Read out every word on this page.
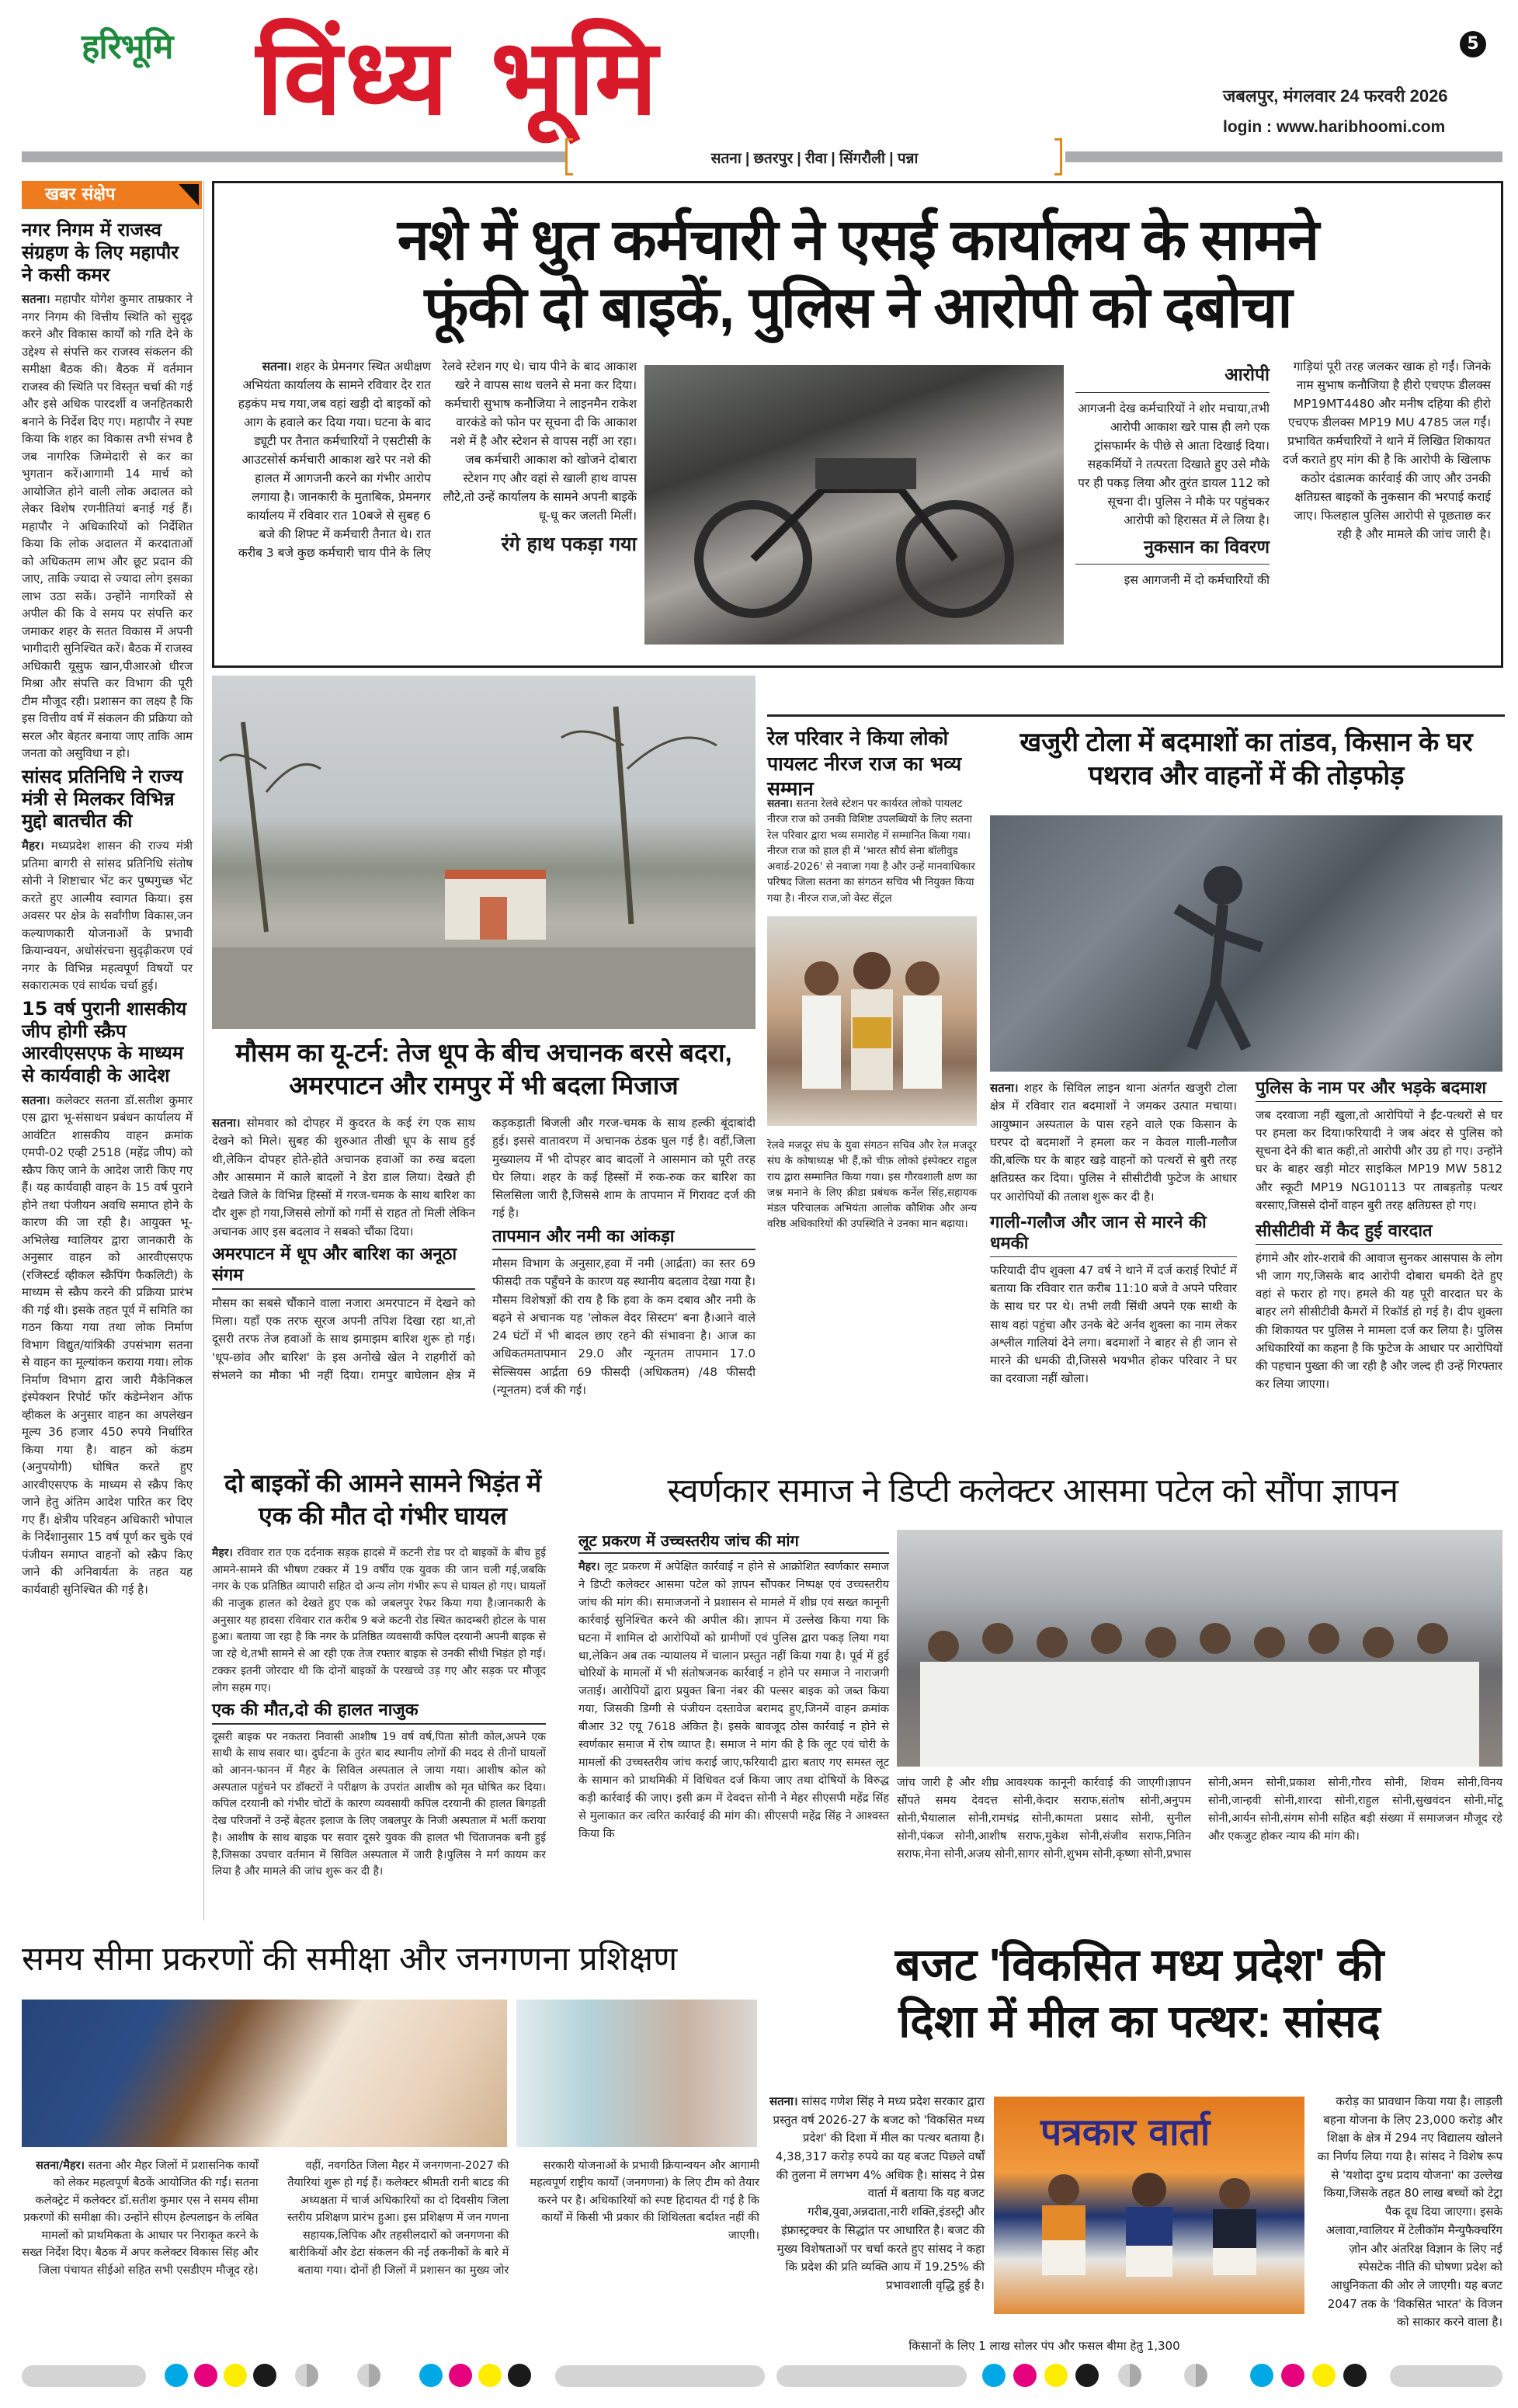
हरिभूमि विंध्य भूमि	5
जबलपुर, मंगलवार 24 फरवरी 2026
login : www.haribhoomi.com
सतना | छतरपुर | रीवा | सिंगरौली | पन्ना
खबर संक्षेप
नगर निगम में राजस्व संग्रहण के लिए महापौर ने कसी कमर
सतना। महापौर योगेश कुमार ताम्रकार ने नगर निगम की वित्तीय स्थिति को सुदृढ़ करने और विकास कार्यों को गति देने के उद्देश्य से संपत्ति कर राजस्व संकलन की समीक्षा बैठक की। बैठक में वर्तमान राजस्व की स्थिति पर विस्तृत चर्चा की गई और इसे अधिक पारदर्शी व जनहितकारी बनाने के निर्देश दिए गए। महापौर ने स्पष्ट किया कि शहर का विकास तभी संभव है जब नागरिक जिम्मेदारी से कर का भुगतान करें।आगामी 14 मार्च को आयोजित होने वाली लोक अदालत को लेकर विशेष रणनीतियां बनाई गई हैं। महापौर ने अधिकारियों को निर्देशित किया कि लोक अदालत में करदाताओं को अधिकतम लाभ और छूट प्रदान की जाए, ताकि ज्यादा से ज्यादा लोग इसका लाभ उठा सकें। उन्होंने नागरिकों से अपील की कि वे समय पर संपत्ति कर जमाकर शहर के सतत विकास में अपनी भागीदारी सुनिश्चित करें। बैठक में राजस्व अधिकारी यूसुफ खान,पीआरओ धीरज मिश्रा और संपत्ति कर विभाग की पूरी टीम मौजूद रही। प्रशासन का लक्ष्य है कि इस वित्तीय वर्ष में संकलन की प्रक्रिया को सरल और बेहतर बनाया जाए ताकि आम जनता को असुविधा न हो।
सांसद प्रतिनिधि ने राज्य मंत्री से मिलकर विभिन्न मुद्दो बातचीत की
मैहर। मध्यप्रदेश शासन की राज्य मंत्री प्रतिमा बागरी से सांसद प्रतिनिधि संतोष सोनी ने शिष्टाचार भेंट कर पुष्पगुच्छ भेंट करते हुए आत्मीय स्वागत किया। इस अवसर पर क्षेत्र के सर्वांगीण विकास,जन कल्याणकारी योजनाओं के प्रभावी क्रियान्वयन, अधोसंरचना सुदृढ़ीकरण एवं नगर के विभिन्न महत्वपूर्ण विषयों पर सकारात्मक एवं सार्थक चर्चा हुई।
15 वर्ष पुरानी शासकीय जीप होगी स्क्रैप आरवीएसएफ के माध्यम से कार्यवाही के आदेश
सतना। कलेक्टर सतना डॉ.सतीश कुमार एस द्वारा भू-संसाधन प्रबंधन कार्यालय में आवंटित शासकीय वाहन क्रमांक एमपी-02 एव्ही 2518 (महेंद्र जीप) को स्क्रैप किए जाने के आदेश जारी किए गए हैं। यह कार्यवाही वाहन के 15 वर्ष पुराने होने तथा पंजीयन अवधि समाप्त होने के कारण की जा रही है। आयुक्त भू-अभिलेख ग्वालियर द्वारा जानकारी के अनुसार वाहन को आरवीएसएफ (रजिस्टर्ड व्हीकल स्क्रैपिंग फैकलिटी) के माध्यम से स्क्रैप करने की प्रक्रिया प्रारंभ की गई थी। इसके तहत पूर्व में समिति का गठन किया गया तथा लोक निर्माण विभाग विद्युत/यांत्रिकी उपसंभाग सतना से वाहन का मूल्यांकन कराया गया। लोक निर्माण विभाग द्वारा जारी मैकेनिकल इंस्पेक्शन रिपोर्ट फॉर कंडेम्नेशन ऑफ व्हीकल के अनुसार वाहन का अपलेखन मूल्य 36 हजार 450 रुपये निर्धारित किया गया है। वाहन को कंडम (अनुपयोगी) घोषित करते हुए आरवीएसएफ के माध्यम से स्क्रैप किए जाने हेतु अंतिम आदेश पारित कर दिए गए हैं। क्षेत्रीय परिवहन अधिकारी भोपाल के निर्देशानुसार 15 वर्ष पूर्ण कर चुके एवं पंजीयन समाप्त वाहनों को स्क्रैप किए जाने की अनिवार्यता के तहत यह कार्यवाही सुनिश्चित की गई है।
नशे में धुत कर्मचारी ने एसई कार्यालय के सामने
फूंकी दो बाइकें, पुलिस ने आरोपी को दबोचा
सतना। शहर के प्रेमनगर स्थित अधीक्षण अभियंता कार्यालय के सामने रविवार देर रात हड़कंप मच गया,जब वहां खड़ी दो बाइकों को आग के हवाले कर दिया गया। घटना के बाद ड्यूटी पर तैनात कर्मचारियों ने एसटीसी के आउटसोर्स कर्मचारी आकाश खरे पर नशे की हालत में आगजनी करने का गंभीर आरोप लगाया है। जानकारी के मुताबिक, प्रेमनगर कार्यालय में रविवार रात 10बजे से सुबह 6 बजे की शिफ्ट में कर्मचारी तैनात थे। रात करीब 3 बजे कुछ कर्मचारी चाय पीने के लिए
रेलवे स्टेशन गए थे। चाय पीने के बाद आकाश खरे ने वापस साथ चलने से मना कर दिया। कर्मचारी सुभाष कनौजिया ने लाइनमैन राकेश वारकंडे को फोन पर सूचना दी कि आकाश नशे में है और स्टेशन से वापस नहीं आ रहा। जब कर्मचारी आकाश को खोजने दोबारा स्टेशन गए और वहां से खाली हाथ वापस लौटे,तो उन्हें कार्यालय के सामने अपनी बाइकें धू-धू कर जलती मिलीं।
रंगे हाथ पकड़ा गया
आरोपी
आगजनी देख कर्मचारियों ने शोर मचाया,तभी आरोपी आकाश खरे पास ही लगे एक ट्रांसफार्मर के पीछे से आता दिखाई दिया। सहकर्मियों ने तत्परता दिखाते हुए उसे मौके पर ही पकड़ लिया और तुरंत डायल 112 को सूचना दी। पुलिस ने मौके पर पहुंचकर आरोपी को हिरासत में ले लिया है।
नुकसान का विवरण
इस आगजनी में दो कर्मचारियों की
गाड़ियां पूरी तरह जलकर खाक हो गईं। जिनके नाम सुभाष कनौजिया है हीरो एचएफ डीलक्स MP19MT4480 और मनीष दहिया की हीरो एचएफ डीलक्स MP19 MU 4785 जल गईं। प्रभावित कर्मचारियों ने थाने में लिखित शिकायत दर्ज कराते हुए मांग की है कि आरोपी के खिलाफ कठोर दंडात्मक कार्रवाई की जाए और उनकी क्षतिग्रस्त बाइकों के नुकसान की भरपाई कराई जाए। फिलहाल पुलिस आरोपी से पूछताछ कर रही है और मामले की जांच जारी है।
मौसम का यू-टर्न: तेज धूप के बीच अचानक बरसे बदरा, अमरपाटन और रामपुर में भी बदला मिजाज
सतना। सोमवार को दोपहर में कुदरत के कई रंग एक साथ देखने को मिले। सुबह की शुरुआत तीखी धूप के साथ हुई थी,लेकिन दोपहर होते-होते अचानक हवाओं का रुख बदला और आसमान में काले बादलों ने डेरा डाल लिया। देखते ही देखते जिले के विभिन्न हिस्सों में गरज-चमक के साथ बारिश का दौर शुरू हो गया,जिससे लोगों को गर्मी से राहत तो मिली लेकिन अचानक आए इस बदलाव ने सबको चौंका दिया।
अमरपाटन में धूप और बारिश का अनूठा संगम
मौसम का सबसे चौंकाने वाला नजारा अमरपाटन में देखने को मिला। यहाँ एक तरफ सूरज अपनी तपिश दिखा रहा था,तो दूसरी तरफ तेज हवाओं के साथ झमाझम बारिश शुरू हो गई। 'धूप-छांव और बारिश' के इस अनोखे खेल ने राहगीरों को संभलने का मौका भी नहीं दिया। रामपुर बाघेलान क्षेत्र में कड़कड़ाती बिजली और गरज-चमक के साथ हल्की बूंदाबांदी हुई। इससे वातावरण में अचानक ठंडक घुल गई है। वहीं,जिला मुख्यालय में भी दोपहर बाद बादलों ने आसमान को पूरी तरह घेर लिया। शहर के कई हिस्सों में रुक-रुक कर बारिश का सिलसिला जारी है,जिससे शाम के तापमान में गिरावट दर्ज की गई है।
तापमान और नमी का आंकड़ा
मौसम विभाग के अनुसार,हवा में नमी (आर्द्रता) का स्तर 69 फीसदी तक पहुँचने के कारण यह स्थानीय बदलाव देखा गया है। मौसम विशेषज्ञों की राय है कि हवा के कम दबाव और नमी के बढ़ने से अचानक यह 'लोकल वेदर सिस्टम' बना है।आने वाले 24 घंटों में भी बादल छाए रहने की संभावना है। आज का अधिकतमतापमान 29.0 और न्यूनतम तापमान 17.0 सेल्सियस आर्द्रता 69 फीसदी (अधिकतम) /48 फीसदी (न्यूनतम) दर्ज की गई।
रेल परिवार ने किया लोको पायलट नीरज राज का भव्य सम्मान
सतना। सतना रेलवे स्टेशन पर कार्यरत लोको पायलट नीरज राज को उनकी विशिष्ट उपलब्धियों के लिए सतना रेल परिवार द्वारा भव्य समारोह में सम्मानित किया गया।नीरज राज को हाल ही में 'भारत सौर्य सेना बॉलीवुड अवार्ड-2026' से नवाजा गया है और उन्हें मानवाधिकार परिषद जिला सतना का संगठन सचिव भी नियुक्त किया गया है। नीरज राज,जो वेस्ट सेंट्रल
रेलवे मजदूर संघ के युवा संगठन सचिव और रेल मजदूर संघ के कोषाध्यक्ष भी हैं,को चीफ़ लोको इंस्पेक्टर राहुल राय द्वारा सम्मानित किया गया। इस गौरवशाली क्षण का जश्न मनाने के लिए क्रीडा प्रबंधक कर्नेल सिंह,सहायक मंडल परिचालक अभियंता आलोक कौशिक और अन्य वरिष्ठ अधिकारियों की उपस्थिति ने उनका मान बढ़ाया।
खजुरी टोला में बदमाशों का तांडव, किसान के घर पथराव और वाहनों में की तोड़फोड़
सतना। शहर के सिविल लाइन थाना अंतर्गत खजुरी टोला क्षेत्र में रविवार रात बदमाशों ने जमकर उत्पात मचाया।आयुष्मान अस्पताल के पास रहने वाले एक किसान के घरपर दो बदमाशों ने हमला कर न केवल गाली-गलौज की,बल्कि घर के बाहर खड़े वाहनों को पत्थरों से बुरी तरह क्षतिग्रस्त कर दिया। पुलिस ने सीसीटीवी फुटेज के आधार पर आरोपियों की तलाश शुरू कर दी है।
गाली-गलौज और जान से मारने की धमकी
फरियादी दीप शुक्ला 47 वर्ष ने थाने में दर्ज कराई रिपोर्ट में बताया कि रविवार रात करीब 11:10 बजे वे अपने परिवार के साथ घर पर थे। तभी लवी सिंधी अपने एक साथी के साथ वहां पहुंचा और उनके बेटे अर्नव शुक्ला का नाम लेकर अश्लील गालियां देने लगा। बदमाशों ने बाहर से ही जान से मारने की धमकी दी,जिससे भयभीत होकर परिवार ने घर का दरवाजा नहीं खोला।
पुलिस के नाम पर और भड़के बदमाश
जब दरवाजा नहीं खुला,तो आरोपियों ने ईंट-पत्थरों से घर पर हमला कर दिया।फरियादी ने जब अंदर से पुलिस को सूचना देने की बात कही,तो आरोपी और उग्र हो गए। उन्होंने घर के बाहर खड़ी मोटर साइकिल MP19 MW 5812 और स्कूटी MP19 NG10113 पर ताबड़तोड़ पत्थर बरसाए,जिससे दोनों वाहन बुरी तरह क्षतिग्रस्त हो गए।
सीसीटीवी में कैद हुई वारदात
हंगामे और शोर-शराबे की आवाज सुनकर आसपास के लोग भी जाग गए,जिसके बाद आरोपी दोबारा धमकी देते हुए वहां से फरार हो गए। हमले की यह पूरी वारदात घर के बाहर लगे सीसीटीवी कैमरों में रिकॉर्ड हो गई है। दीप शुक्ला की शिकायत पर पुलिस ने मामला दर्ज कर लिया है। पुलिस अधिकारियों का कहना है कि फुटेज के आधार पर आरोपियों की पहचान पुख्ता की जा रही है और जल्द ही उन्हें गिरफ्तार कर लिया जाएगा।
दो बाइकों की आमने सामने भिड़ंत में एक की मौत दो गंभीर घायल
मैहर। रविवार रात एक दर्दनाक सड़क हादसे में कटनी रोड पर दो बाइकों के बीच हुई आमने-सामने की भीषण टक्कर में 19 वर्षीय एक युवक की जान चली गई,जबकि नगर के एक प्रतिष्ठित व्यापारी सहित दो अन्य लोग गंभीर रूप से घायल हो गए। घायलों की नाजुक हालत को देखते हुए एक को जबलपुर रेफर किया गया है।जानकारी के अनुसार यह हादसा रविवार रात करीब 9 बजे कटनी रोड स्थित कादम्बरी होटल के पास हुआ। बताया जा रहा है कि नगर के प्रतिष्ठित व्यवसायी कपिल दरयानी अपनी बाइक से जा रहे थे,तभी सामने से आ रही एक तेज रफ्तार बाइक से उनकी सीधी भिड़ंत हो गई। टक्कर इतनी जोरदार थी कि दोनों बाइकों के परखच्चे उड़ गए और सड़क पर मौजूद लोग सहम गए।
एक की मौत,दो की हालत नाजुक
दूसरी बाइक पर नकतरा निवासी आशीष 19 वर्ष वर्ष,पिता सोती कोल,अपने एक साथी के साथ सवार था। दुर्घटना के तुरंत बाद स्थानीय लोगों की मदद से तीनों घायलों को आनन-फानन में मैहर के सिविल अस्पताल ले जाया गया। आशीष कोल को अस्पताल पहुंचने पर डॉक्टरों ने परीक्षण के उपरांत आशीष को मृत घोषित कर दिया। कपिल दरयानी को गंभीर चोटों के कारण व्यवसायी कपिल दरयानी की हालत बिगड़ती देख परिजनों ने उन्हें बेहतर इलाज के लिए जबलपुर के निजी अस्पताल में भर्ती कराया है। आशीष के साथ बाइक पर सवार दूसरे युवक की हालत भी चिंताजनक बनी हुई है,जिसका उपचार वर्तमान में सिविल अस्पताल में जारी है।पुलिस ने मर्ग कायम कर लिया है और मामले की जांच शुरू कर दी है।
स्वर्णकार समाज ने डिप्टी कलेक्टर आसमा पटेल को सौंपा ज्ञापन
लूट प्रकरण में उच्चस्तरीय जांच की मांग
मैहर। लूट प्रकरण में अपेक्षित कार्रवाई न होने से आक्रोशित स्वर्णकार समाज ने डिप्टी कलेक्टर आसमा पटेल को ज्ञापन सौंपकर निष्पक्ष एवं उच्चस्तरीय जांच की मांग की। समाजजनों ने प्रशासन से मामले में शीघ्र एवं सख्त कानूनी कार्रवाई सुनिश्चित करने की अपील की। ज्ञापन में उल्लेख किया गया कि घटना में शामिल दो आरोपियों को ग्रामीणों एवं पुलिस द्वारा पकड़ लिया गया था,लेकिन अब तक न्यायालय में चालान प्रस्तुत नहीं किया गया है। पूर्व में हुई चोरियों के मामलों में भी संतोषजनक कार्रवाई न होने पर समाज ने नाराजगी जताई। आरोपियों द्वारा प्रयुक्त बिना नंबर की पल्सर बाइक को जब्त किया गया, जिसकी डिग्गी से पंजीयन दस्तावेज बरामद हुए,जिनमें वाहन क्रमांक बीआर 32 एयू 7618 अंकित है। इसके बावजूद ठोस कार्रवाई न होने से स्वर्णकार समाज में रोष व्याप्त है। समाज ने मांग की है कि लूट एवं चोरी के मामलों की उच्चस्तरीय जांच कराई जाए,फरियादी द्वारा बताए गए समस्त लूट के सामान को प्राथमिकी में विधिवत दर्ज किया जाए तथा दोषियों के विरुद्ध कड़ी कार्रवाई की जाए। इसी क्रम में देवदत्त सोनी ने मेहर सीएसपी महेंद्र सिंह से मुलाकात कर त्वरित कार्रवाई की मांग की। सीएसपी महेंद्र सिंह ने आश्वस्त किया कि
जांच जारी है और शीघ्र आवश्यक कानूनी कार्रवाई की जाएगी।ज्ञापन सौंपते समय देवदत्त सोनी,केदार सराफ,संतोष सोनी,अनुपम सोनी,भैयालाल सोनी,रामचंद्र सोनी,कामता प्रसाद सोनी, सुनील सोनी,पंकज सोनी,आशीष सराफ,मुकेश सोनी,संजीव सराफ,नितिन सराफ,मेना सोनी,अजय सोनी,सागर सोनी,शुभम सोनी,कृष्णा सोनी,प्रभास सोनी,अमन सोनी,प्रकाश सोनी,गौरव सोनी, शिवम सोनी,विनय सोनी,जान्हवी सोनी,शारदा सोनी,राहुल सोनी,सुखवंदन सोनी,मोंटू सोनी,आर्यन सोनी,संगम सोनी सहित बड़ी संख्या में समाजजन मौजूद रहे और एकजुट होकर न्याय की मांग की।
समय सीमा प्रकरणों की समीक्षा और जनगणना प्रशिक्षण
सतना/मैहर। सतना और मैहर जिलों में प्रशासनिक कार्यों को लेकर महत्वपूर्ण बैठकें आयोजित की गईं। सतना कलेक्ट्रेट में कलेक्टर डॉ.सतीश कुमार एस ने समय सीमा प्रकरणों की समीक्षा की। उन्होंने सीएम हेल्पलाइन के लंबित मामलों को प्राथमिकता के आधार पर निराकृत करने के सख्त निर्देश दिए। बैठक में अपर कलेक्टर विकास सिंह और जिला पंचायत सीईओ सहित सभी एसडीएम मौजूद रहे। वहीं, नवगठित जिला मैहर में जनगणना-2027 की तैयारियां शुरू हो गई हैं। कलेक्टर श्रीमती रानी बाटड की अध्यक्षता में चार्ज अधिकारियों का दो दिवसीय जिला स्तरीय प्रशिक्षण प्रारंभ हुआ। इस प्रशिक्षण में जन गणना सहायक,लिपिक और तहसीलदारों को जनगणना की बारीकियों और डेटा संकलन की नई तकनीकों के बारे में बताया गया। दोनों ही जिलों में प्रशासन का मुख्य जोर सरकारी योजनाओं के प्रभावी क्रियान्वयन और आगामी महत्वपूर्ण राष्ट्रीय कार्यों (जनगणना) के लिए टीम को तैयार करने पर है। अधिकारियों को स्पष्ट हिदायत दी गई है कि कार्यों में किसी भी प्रकार की शिथिलता बर्दाश्त नहीं की जाएगी।
बजट 'विकसित मध्य प्रदेश' की
दिशा में मील का पत्थर: सांसद
सतना। सांसद गणेश सिंह ने मध्य प्रदेश सरकार द्वारा प्रस्तुत वर्ष 2026-27 के बजट को 'विकसित मध्य प्रदेश' की दिशा में मील का पत्थर बताया है। 4,38,317 करोड़ रुपये का यह बजट पिछले वर्षों की तुलना में लगभग 4% अधिक है। सांसद ने प्रेस वार्ता में बताया कि यह बजट गरीब,युवा,अन्नदाता,नारी शक्ति,इंडस्ट्री और इंफ्रास्ट्रक्चर के सिद्धांत पर आधारित है। बजट की मुख्य विशेषताओं पर चर्चा करते हुए सांसद ने कहा कि प्रदेश की प्रति व्यक्ति आय में 19.25% की प्रभावशाली वृद्धि हुई है।
पत्रकार वार्ता
करोड़ का प्रावधान किया गया है। लाड़ली बहना योजना के लिए 23,000 करोड़ और शिक्षा के क्षेत्र में 294 नए विद्यालय खोलने का निर्णय लिया गया है। सांसद ने विशेष रूप से 'यशोदा दुग्ध प्रदाय योजना' का उल्लेख किया,जिसके तहत 80 लाख बच्चों को टेट्रा पैक दूध दिया जाएगा। इसके अलावा,ग्वालियर में टेलीकॉम मैन्युफैक्चरिंग ज़ोन और अंतरिक्ष विज्ञान के लिए नई स्पेसटेक नीति की घोषणा प्रदेश को आधुनिकता की ओर ले जाएगी। यह बजट 2047 तक के 'विकसित भारत' के विजन को साकार करने वाला है।
किसानों के लिए 1 लाख सोलर पंप और फसल बीमा हेतु 1,300
